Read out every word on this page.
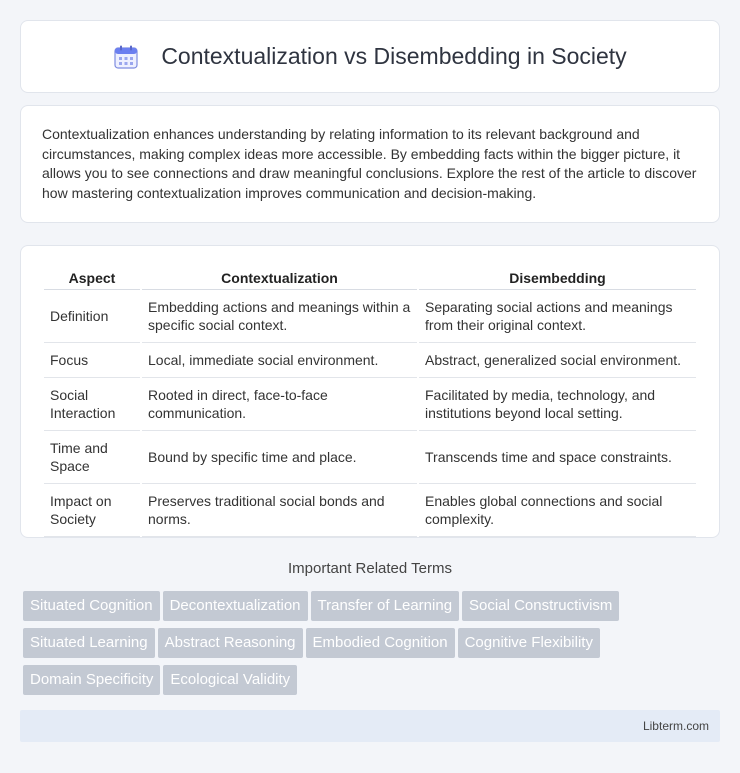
Contextualization vs Disembedding in Society

Contextualization enhances understanding by relating information to its relevant background and circumstances, making complex ideas more accessible. By embedding facts within the bigger picture, it allows you to see connections and draw meaningful conclusions. Explore the rest of the article to discover how mastering contextualization improves communication and decision-making.

Aspect	Contextualization	Disembedding
Definition	Embedding actions and meanings within a specific social context.	Separating social actions and meanings from their original context.
Focus	Local, immediate social environment.	Abstract, generalized social environment.
Social Interaction	Rooted in direct, face-to-face communication.	Facilitated by media, technology, and institutions beyond local setting.
Time and Space	Bound by specific time and place.	Transcends time and space constraints.
Impact on Society	Preserves traditional social bonds and norms.	Enables global connections and social complexity.
Important Related Terms
Situated Cognition Decontextualization Transfer of Learning Social ConstructivismSituated Learning Abstract Reasoning Embodied Cognition Cognitive FlexibilityDomain Specificity Ecological Validity
Libterm.com
